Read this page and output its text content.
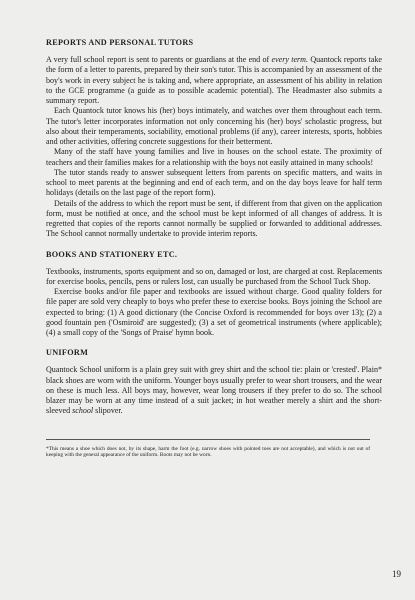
REPORTS AND PERSONAL TUTORS

A very full school report is sent to parents or guardians at the end of every term. Quantock reports take the form of a letter to parents, prepared by their son's tutor. This is accompanied by an assessment of the boy's work in every subject he is taking and, where appropriate, an assessment of his ability in relation to the GCE programme (a guide as to possible academic potential). The Headmaster also submits a summary report.

Each Quantock tutor knows his (her) boys intimately, and watches over them throughout each term. The tutor's letter incorporates information not only concerning his (her) boys' scholastic progress, but also about their temperaments, sociability, emotional problems (if any), career interests, sports, hobbies and other activities, offering concrete suggestions for their betterment.

Many of the staff have young families and live in houses on the school estate. The proximity of teachers and their families makes for a relationship with the boys not easily attained in many schools!

The tutor stands ready to answer subsequent letters from parents on specific matters, and waits in school to meet parents at the beginning and end of each term, and on the day boys leave for half term holidays (details on the last page of the report form).

Details of the address to which the report must be sent, if different from that given on the application form, must be notified at once, and the school must be kept informed of all changes of address. It is regretted that copies of the reports cannot normally be supplied or forwarded to additional addresses. The School cannot normally undertake to provide interim reports.

BOOKS AND STATIONERY ETC.

Textbooks, instruments, sports equipment and so on, damaged or lost, are charged at cost. Replacements for exercise books, pencils, pens or rulers lost, can usually be purchased from the School Tuck Shop.

Exercise books and/or file paper and textbooks are issued without charge. Good quality folders for file paper are sold very cheaply to boys who prefer these to exercise books. Boys joining the School are expected to bring: (1) A good dictionary (the Concise Oxford is recommended for boys over 13); (2) a good fountain pen ('Osmiroid' are suggested); (3) a set of geometrical instruments (where applicable); (4) a small copy of the 'Songs of Praise' hymn book.

UNIFORM

Quantock School uniform is a plain grey suit with grey shirt and the school tie: plain or 'crested'. Plain* black shoes are worn with the uniform. Younger boys usually prefer to wear short trousers, and the wear on these is much less. All boys may, however, wear long trousers if they prefer to do so. The school blazer may be worn at any time instead of a suit jacket; in hot weather merely a shirt and the short-sleeved school slipover.

*This means a shoe which does not, by its shape, harm the foot (e.g. narrow shoes with pointed toes are not acceptable), and which is not out of keeping with the general appearance of the uniform. Boots may not be worn.
19
